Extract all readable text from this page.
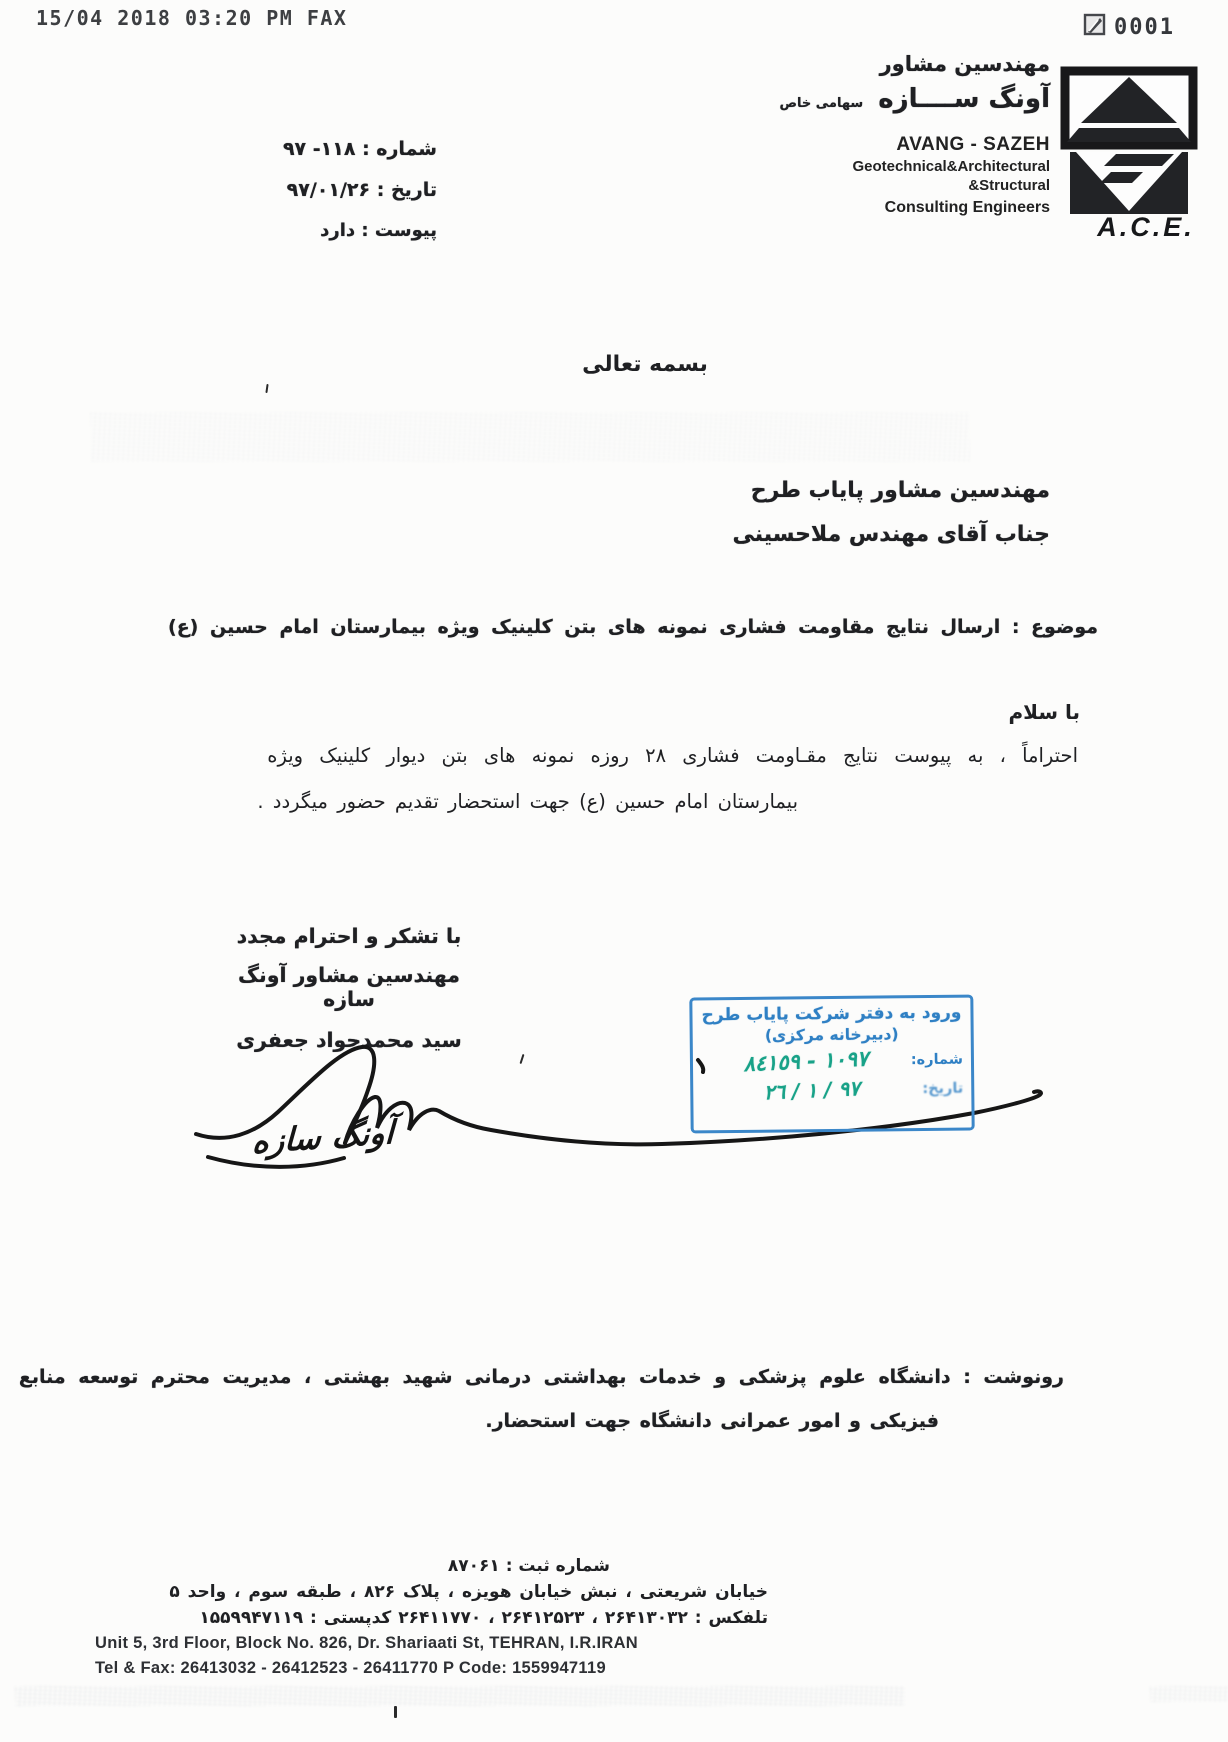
15/04 2018 03:20 PM FAX	0001
مهندسین مشاور
آونگ ســــازه سهامی خاص
AVANG - SAZEH
Geotechnical&Architectural
&Structural
Consulting Engineers
A.C.E.
شماره : ۱۱۸- ۹۷
تاریخ : ۹۷/۰۱/۲۶
پیوست : دارد
بسمه تعالی
مهندسین مشاور پایاب طرح
جناب آقای مهندس ملاحسینی
موضوع : ارسال نتایج مقاومت فشاری نمونه های بتن کلینیک ویژه بیمارستان امام حسین (ع)
با سلام
احتراماً ، به پیوست نتایج مقـاومت فشاری ۲۸ روزه نمونه های بتن دیوار کلینیک ویژه
بیمارستان امام حسین (ع) جهت استحضار تقدیم حضور میگردد .
با تشکر و احترام مجدد
مهندسین مشاور آونگ سازه
سید محمدجواد جعفری
آونگ سازه
ورود به دفتر شرکت پایاب طرح
(دبیرخانه مرکزی)
شماره:
١٠٩٧ - ٨٤١٥٩
تاریخ:
٩٧ / ١ / ٢٦
رونوشت : دانشگاه علوم پزشکی و خدمات بهداشتی درمانی شهید بهشتی ، مدیریت محترم توسعه منابع
فیزیکی و امور عمرانی دانشگاه جهت استحضار.
شماره ثبت : ۸۷۰۶۱
خیابان شریعتی ، نبش خیابان هویزه ، پلاک ۸۲۶ ، طبقه سوم ، واحد ۵
تلفکس : ۲۶۴۱۳۰۳۲ ، ۲۶۴۱۲۵۲۳ ، ۲۶۴۱۱۷۷۰ کدپستی : ۱۵۵۹۹۴۷۱۱۹
Unit 5, 3rd Floor, Block No. 826, Dr. Shariaati St, TEHRAN, I.R.IRAN
Tel & Fax: 26413032 - 26412523 - 26411770 P Code: 1559947119
